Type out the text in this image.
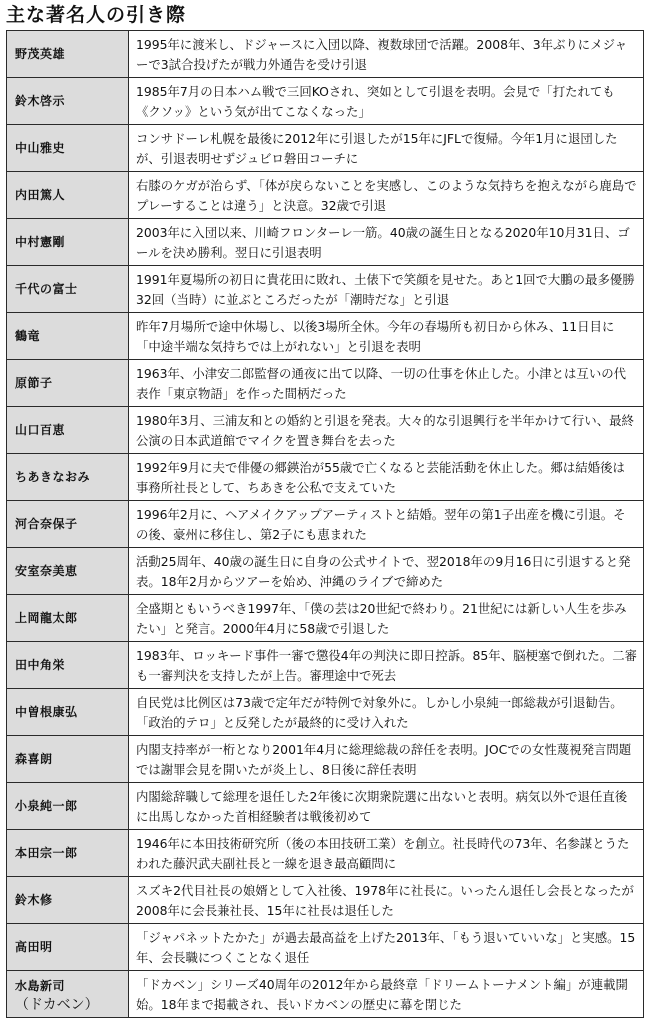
主な著名人の引き際
野茂英雄
1995年に渡米し、ドジャースに入団以降、複数球団で活躍。2008年、3年ぶりにメジャーで3試合投げたが戦力外通告を受け引退
鈴木啓示
1985年7月の日本ハム戦で三回KOされ、突如として引退を表明。会見で「打たれても《クソッ》という気が出てこなくなった」
中山雅史
コンサドーレ札幌を最後に2012年に引退したが15年にJFLで復帰。今年1月に退団したが、引退表明せずジュビロ磐田コーチに
内田篤人
右膝のケガが治らず、「体が戻らないことを実感し、このような気持ちを抱えながら鹿島でプレーすることは違う」と決意。32歳で引退
中村憲剛
2003年に入団以来、川崎フロンターレ一筋。40歳の誕生日となる2020年10月31日、ゴールを決め勝利。翌日に引退表明
千代の富士
1991年夏場所の初日に貴花田に敗れ、土俵下で笑顔を見せた。あと1回で大鵬の最多優勝32回（当時）に並ぶところだったが「潮時だな」と引退
鶴竜
昨年7月場所で途中休場し、以後3場所全休。今年の春場所も初日から休み、11日目に「中途半端な気持ちでは上がれない」と引退を表明
原節子
1963年、小津安二郎監督の通夜に出て以降、一切の仕事を休止した。小津とは互いの代表作「東京物語」を作った間柄だった
山口百恵
1980年3月、三浦友和との婚約と引退を発表。大々的な引退興行を半年かけて行い、最終公演の日本武道館でマイクを置き舞台を去った
ちあきなおみ
1992年9月に夫で俳優の郷鍈治が55歳で亡くなると芸能活動を休止した。郷は結婚後は事務所社長として、ちあきを公私で支えていた
河合奈保子
1996年2月に、ヘアメイクアップアーティストと結婚。翌年の第1子出産を機に引退。その後、豪州に移住し、第2子にも恵まれた
安室奈美恵
活動25周年、40歳の誕生日に自身の公式サイトで、翌2018年の9月16日に引退すると発表。18年2月からツアーを始め、沖縄のライブで締めた
上岡龍太郎
全盛期ともいうべき1997年、「僕の芸は20世紀で終わり。21世紀には新しい人生を歩みたい」と発言。2000年4月に58歳で引退した
田中角栄
1983年、ロッキード事件一審で懲役4年の判決に即日控訴。85年、脳梗塞で倒れた。二審も一審判決を支持したが上告。審理途中で死去
中曽根康弘
自民党は比例区は73歳で定年だが特例で対象外に。しかし小泉純一郎総裁が引退勧告。「政治的テロ」と反発したが最終的に受け入れた
森喜朗
内閣支持率が一桁となり2001年4月に総理総裁の辞任を表明。JOCでの女性蔑視発言問題では謝罪会見を開いたが炎上し、8日後に辞任表明
小泉純一郎
内閣総辞職して総理を退任した2年後に次期衆院選に出ないと表明。病気以外で退任直後に出馬しなかった首相経験者は戦後初めて
本田宗一郎
1946年に本田技術研究所（後の本田技研工業）を創立。社長時代の73年、名参謀とうたわれた藤沢武夫副社長と一線を退き最高顧問に
鈴木修
スズキ2代目社長の娘婿として入社後、1978年に社長に。いったん退任し会長となったが2008年に会長兼社長、15年に社長は退任した
高田明
「ジャパネットたかた」が過去最高益を上げた2013年、「もう退いていいな」と実感。15年、会長職につくことなく退任
水島新司
（ドカベン）
「ドカベン」シリーズ40周年の2012年から最終章「ドリームトーナメント編」が連載開始。18年まで掲載され、長いドカベンの歴史に幕を閉じた
